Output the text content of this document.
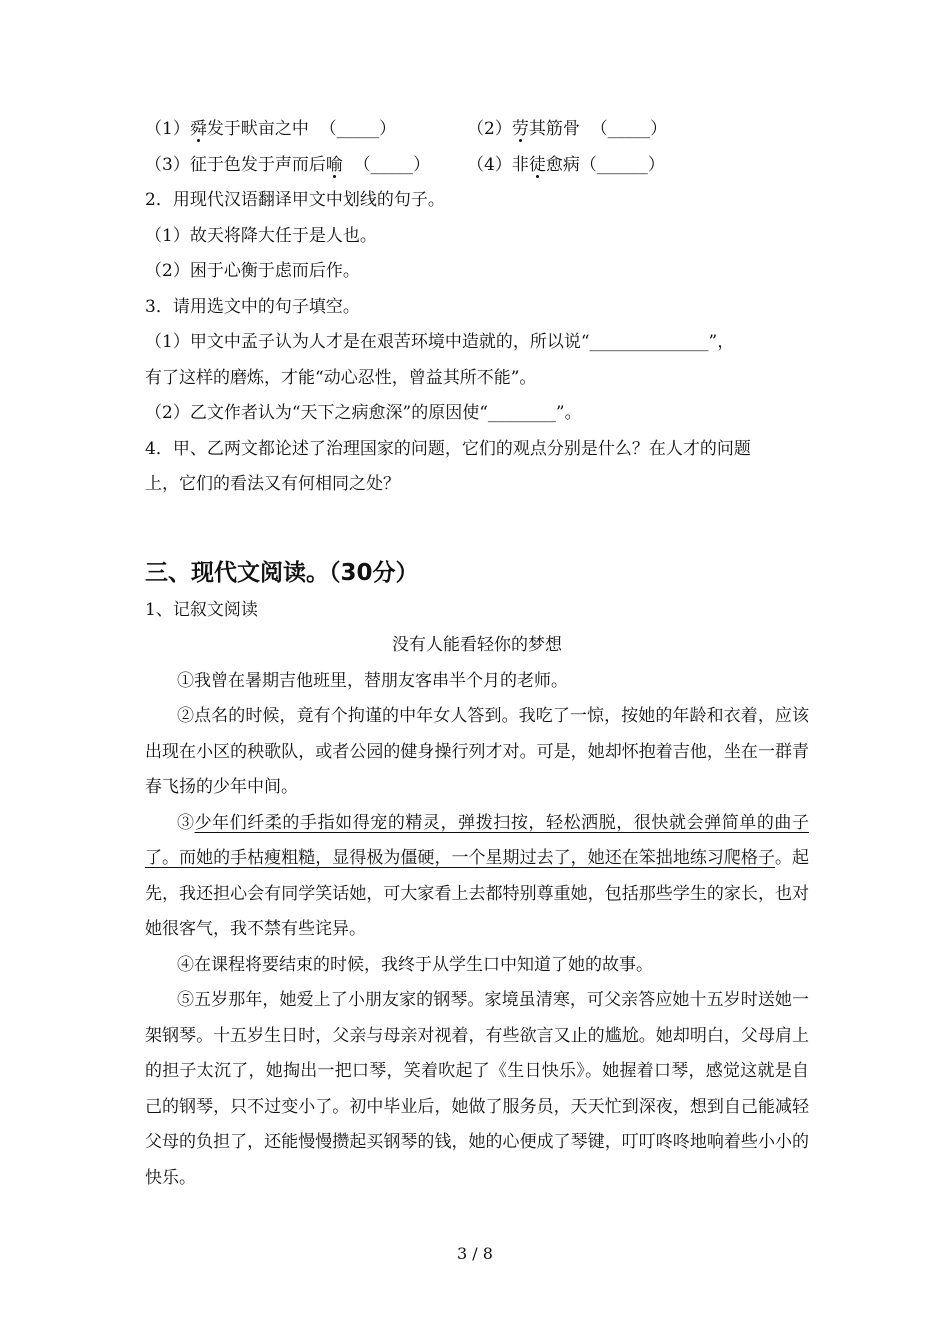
（1）舜发于畎亩之中 （_____）	（2）劳其筋骨 （_____）
（3）征于色发于声而后喻 （_____）	（4）非徒愈病（______）
2．用现代汉语翻译甲文中划线的句子。
（1）故天将降大任于是人也。
（2）困于心衡于虑而后作。
3．请用选文中的句子填空。
（1）甲文中孟子认为人才是在艰苦环境中造就的，所以说“______________”，
有了这样的磨炼，才能“动心忍性，曾益其所不能”。
（2）乙文作者认为“天下之病愈深”的原因使“________”。
4．甲、乙两文都论述了治理国家的问题，它们的观点分别是什么？在人才的问题
上，它们的看法又有何相同之处？
三、现代文阅读。（30分）
1、记叙文阅读
没有人能看轻你的梦想
①我曾在暑期吉他班里，替朋友客串半个月的老师。
②点名的时候，竟有个拘谨的中年女人答到。我吃了一惊，按她的年龄和衣着，应该出现在小区的秧歌队，或者公园的健身操行列才对。可是，她却怀抱着吉他，坐在一群青春飞扬的少年中间。
③少年们纤柔的手指如得宠的精灵，弹拨扫按，轻松洒脱，很快就会弹简单的曲子了。而她的手枯瘦粗糙，显得极为僵硬，一个星期过去了，她还在笨拙地练习爬格子。起先，我还担心会有同学笑话她，可大家看上去都特别尊重她，包括那些学生的家长，也对她很客气，我不禁有些诧异。
④在课程将要结束的时候，我终于从学生口中知道了她的故事。
⑤五岁那年，她爱上了小朋友家的钢琴。家境虽清寒，可父亲答应她十五岁时送她一架钢琴。十五岁生日时，父亲与母亲对视着，有些欲言又止的尴尬。她却明白，父母肩上的担子太沉了，她掏出一把口琴，笑着吹起了《生日快乐》。她握着口琴，感觉这就是自己的钢琴，只不过变小了。初中毕业后，她做了服务员，天天忙到深夜，想到自己能减轻父母的负担了，还能慢慢攒起买钢琴的钱，她的心便成了琴键，叮叮咚咚地响着些小小的快乐。
3 / 8
